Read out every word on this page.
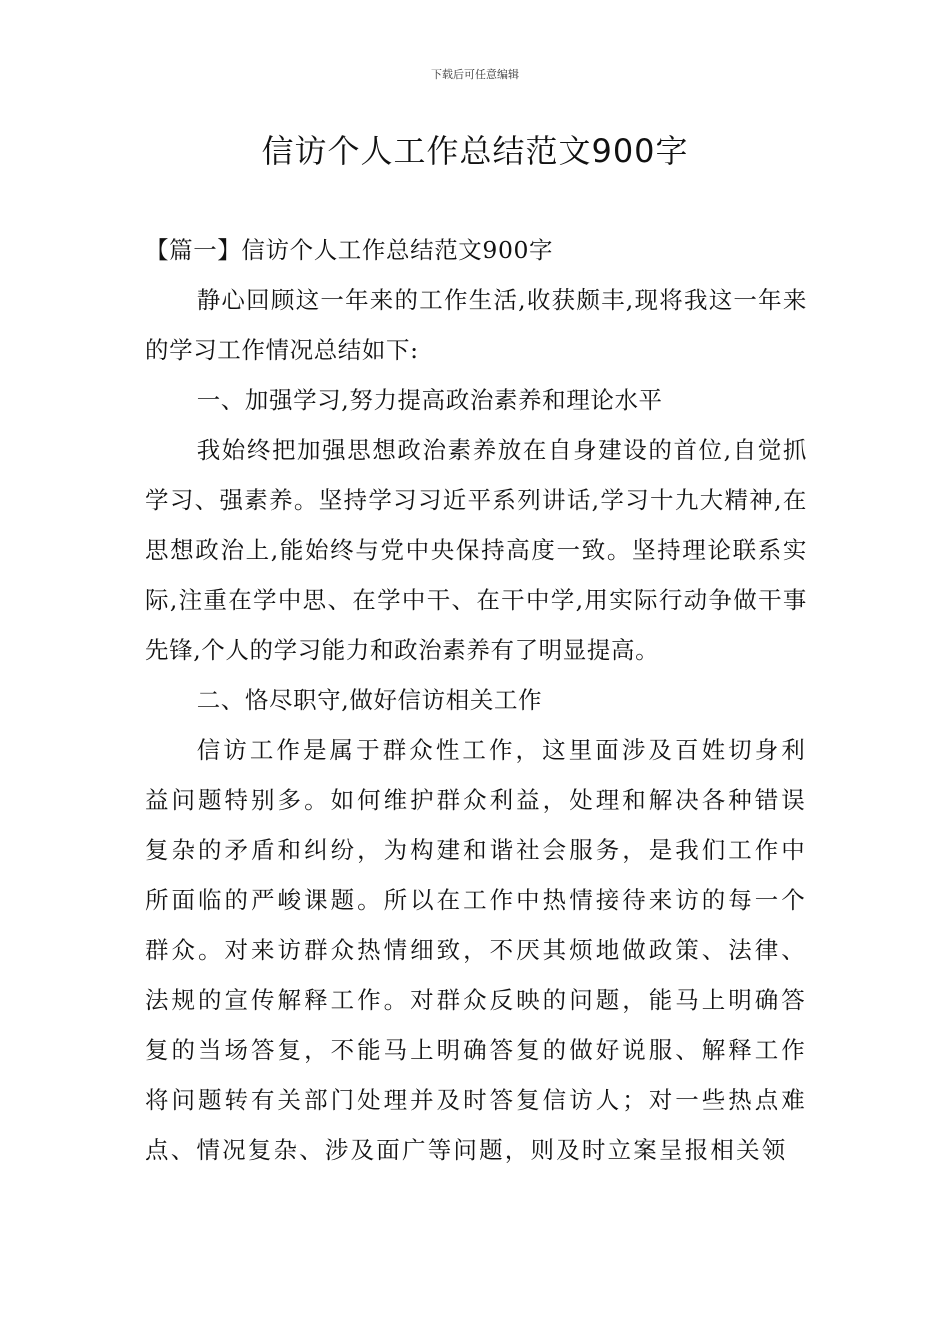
下载后可任意编辑
信访个人工作总结范文900字

【篇一】信访个人工作总结范文900字

静心回顾这一年来的工作生活,收获颇丰,现将我这一年来的学习工作情况总结如下:

一、加强学习,努力提高政治素养和理论水平

我始终把加强思想政治素养放在自身建设的首位,自觉抓学习、强素养。坚持学习习近平系列讲话,学习十九大精神,在思想政治上,能始终与党中央保持高度一致。坚持理论联系实际,注重在学中思、在学中干、在干中学,用实际行动争做干事先锋,个人的学习能力和政治素养有了明显提高。

二、恪尽职守,做好信访相关工作

信访工作是属于群众性工作，这里面涉及百姓切身利益问题特别多。如何维护群众利益，处理和解决各种错误复杂的矛盾和纠纷，为构建和谐社会服务，是我们工作中所面临的严峻课题。所以在工作中热情接待来访的每一个群众。对来访群众热情细致，不厌其烦地做政策、法律、法规的宣传解释工作。对群众反映的问题，能马上明确答复的当场答复，不能马上明确答复的做好说服、解释工作将问题转有关部门处理并及时答复信访人；对一些热点难点、情况复杂、涉及面广等问题，则及时立案呈报相关领
